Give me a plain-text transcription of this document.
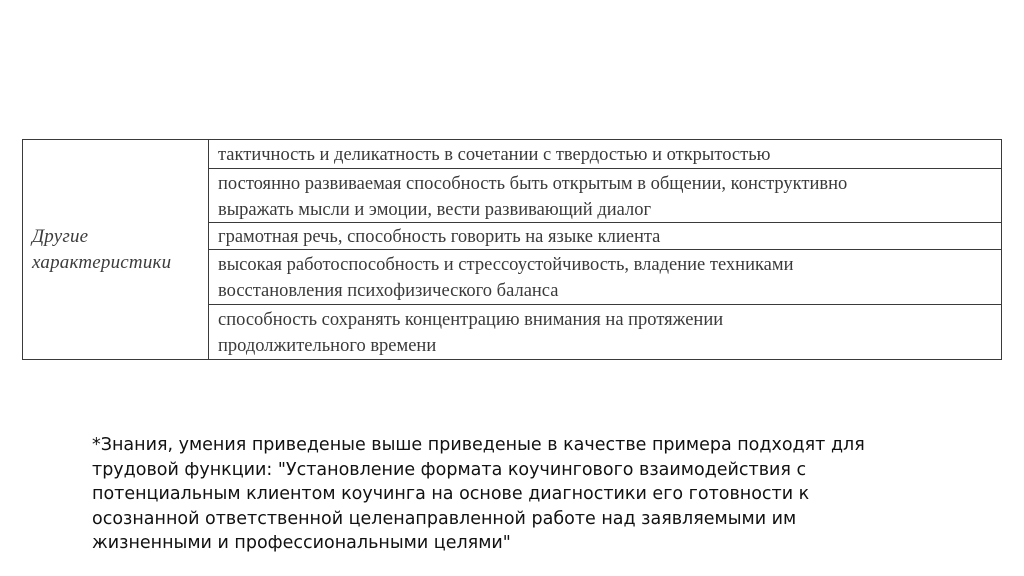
Другие
характеристики
тактичность и деликатность в сочетании с твердостью и открытостью
постоянно развиваемая способность быть открытым в общении, конструктивно
выражать мысли и эмоции, вести развивающий диалог
грамотная речь, способность говорить на языке клиента
высокая работоспособность и стрессоустойчивость, владение техниками
восстановления психофизического баланса
способность сохранять концентрацию внимания на протяжении
продолжительного времени
*Знания, умения приведеные выше приведеные в качестве примера подходят для
трудовой функции: "Установление формата коучингового взаимодействия с
потенциальным клиентом коучинга на основе диагностики его готовности к
осознанной ответственной целенаправленной работе над заявляемыми им
жизненными и профессиональными целями"
